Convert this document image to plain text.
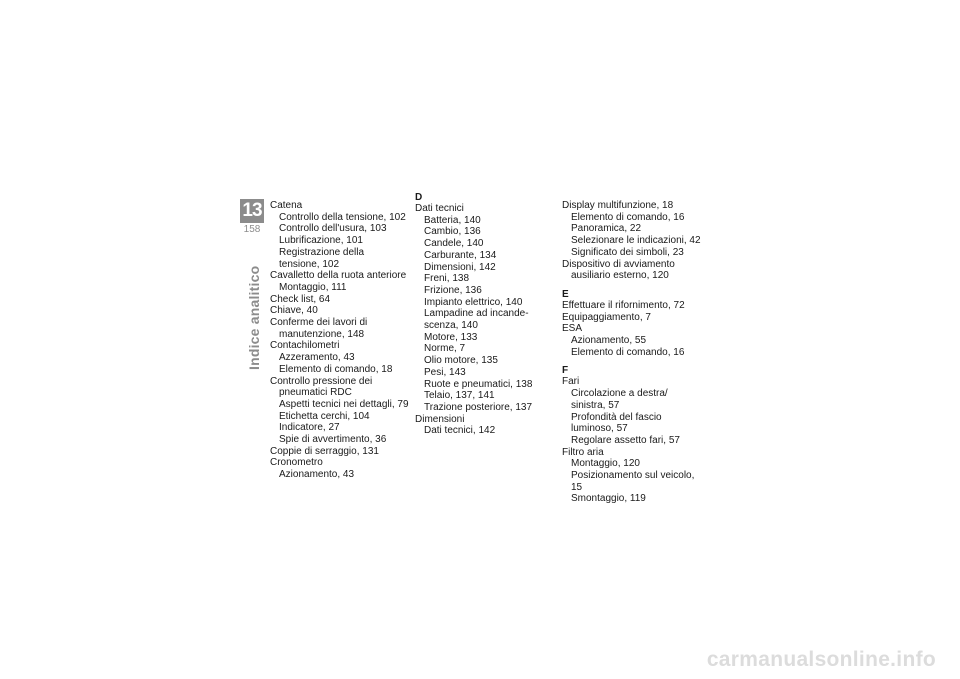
13
158
Indice analitico
Catena
Controllo della tensione, 102
Controllo dell'usura, 103
Lubrificazione, 101
Registrazione della
tensione, 102
Cavalletto della ruota anteriore
Montaggio, 111
Check list, 64
Chiave, 40
Conferme dei lavori di
manutenzione, 148
Contachilometri
Azzeramento, 43
Elemento di comando, 18
Controllo pressione dei
pneumatici RDC
Aspetti tecnici nei dettagli, 79
Etichetta cerchi, 104
Indicatore, 27
Spie di avvertimento, 36
Coppie di serraggio, 131
Cronometro
Azionamento, 43
D
Dati tecnici
Batteria, 140
Cambio, 136
Candele, 140
Carburante, 134
Dimensioni, 142
Freni, 138
Frizione, 136
Impianto elettrico, 140
Lampadine ad incande-
scenza, 140
Motore, 133
Norme, 7
Olio motore, 135
Pesi, 143
Ruote e pneumatici, 138
Telaio, 137, 141
Trazione posteriore, 137
Dimensioni
Dati tecnici, 142
Display multifunzione, 18
Elemento di comando, 16
Panoramica, 22
Selezionare le indicazioni, 42
Significato dei simboli, 23
Dispositivo di avviamento
ausiliario esterno, 120
E
Effettuare il rifornimento, 72
Equipaggiamento, 7
ESA
Azionamento, 55
Elemento di comando, 16
F
Fari
Circolazione a destra/
sinistra, 57
Profondità del fascio
luminoso, 57
Regolare assetto fari, 57
Filtro aria
Montaggio, 120
Posizionamento sul veicolo, 15
Smontaggio, 119
carmanualsonline.info
